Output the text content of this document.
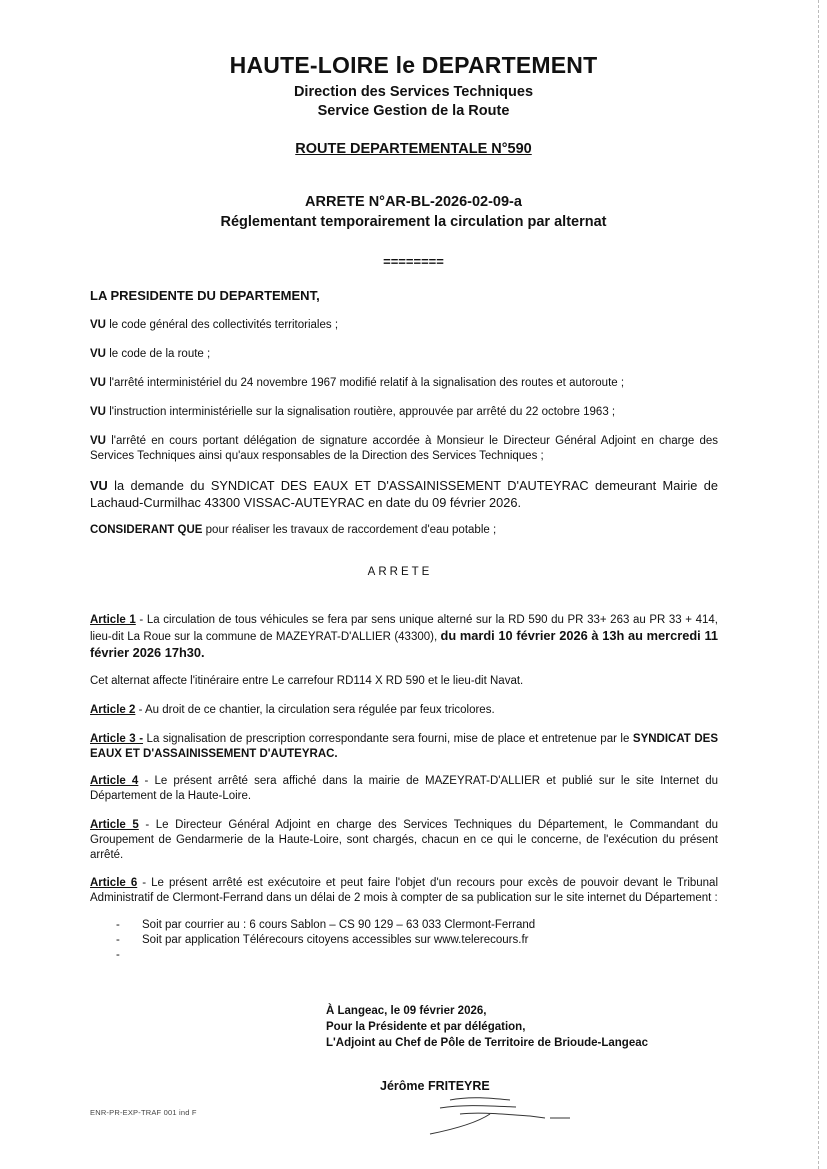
HAUTE-LOIRE le DEPARTEMENT
Direction des Services Techniques
Service Gestion de la Route
ROUTE DEPARTEMENTALE N°590
ARRETE N°AR-BL-2026-02-09-a
Réglementant temporairement la circulation par alternat
========
LA PRESIDENTE DU DEPARTEMENT,
VU le code général des collectivités territoriales ;
VU le code de la route ;
VU l'arrêté interministériel du 24 novembre 1967 modifié relatif à la signalisation des routes et autoroute ;
VU l'instruction interministérielle sur la signalisation routière, approuvée par arrêté du 22 octobre 1963 ;
VU l'arrêté en cours portant délégation de signature accordée à Monsieur le Directeur Général Adjoint en charge des Services Techniques ainsi qu'aux responsables de la Direction des Services Techniques ;
VU la demande du SYNDICAT DES EAUX ET D'ASSAINISSEMENT D'AUTEYRAC demeurant Mairie de Lachaud-Curmilhac 43300 VISSAC-AUTEYRAC en date du 09 février 2026.
CONSIDERANT QUE pour réaliser les travaux de raccordement d'eau potable ;
ARRETE
Article 1 - La circulation de tous véhicules se fera par sens unique alterné sur la RD 590 du PR 33+ 263 au PR 33 + 414, lieu-dit La Roue sur la commune de MAZEYRAT-D'ALLIER (43300), du mardi 10 février 2026 à 13h au mercredi 11 février 2026 17h30.
Cet alternat affecte l'itinéraire entre Le carrefour RD114 X RD 590 et le lieu-dit Navat.
Article 2 - Au droit de ce chantier, la circulation sera régulée par feux tricolores.
Article 3 - La signalisation de prescription correspondante sera fourni, mise de place et entretenue par le SYNDICAT DES EAUX ET D'ASSAINISSEMENT D'AUTEYRAC.
Article 4 - Le présent arrêté sera affiché dans la mairie de MAZEYRAT-D'ALLIER et publié sur le site Internet du Département de la Haute-Loire.
Article 5 - Le Directeur Général Adjoint en charge des Services Techniques du Département, le Commandant du Groupement de Gendarmerie de la Haute-Loire, sont chargés, chacun en ce qui le concerne, de l'exécution du présent arrêté.
Article 6 - Le présent arrêté est exécutoire et peut faire l'objet d'un recours pour excès de pouvoir devant le Tribunal Administratif de Clermont-Ferrand dans un délai de 2 mois à compter de sa publication sur le site internet du Département :
- Soit par courrier au : 6 cours Sablon – CS 90 129 – 63 033 Clermont-Ferrand
- Soit par application Télérecours citoyens accessibles sur www.telerecours.fr
-
À Langeac, le 09 février 2026,
Pour la Présidente et par délégation,
L'Adjoint au Chef de Pôle de Territoire de Brioude-Langeac
Jérôme FRITEYRE
ENR-PR-EXP-TRAF 001 ind F
